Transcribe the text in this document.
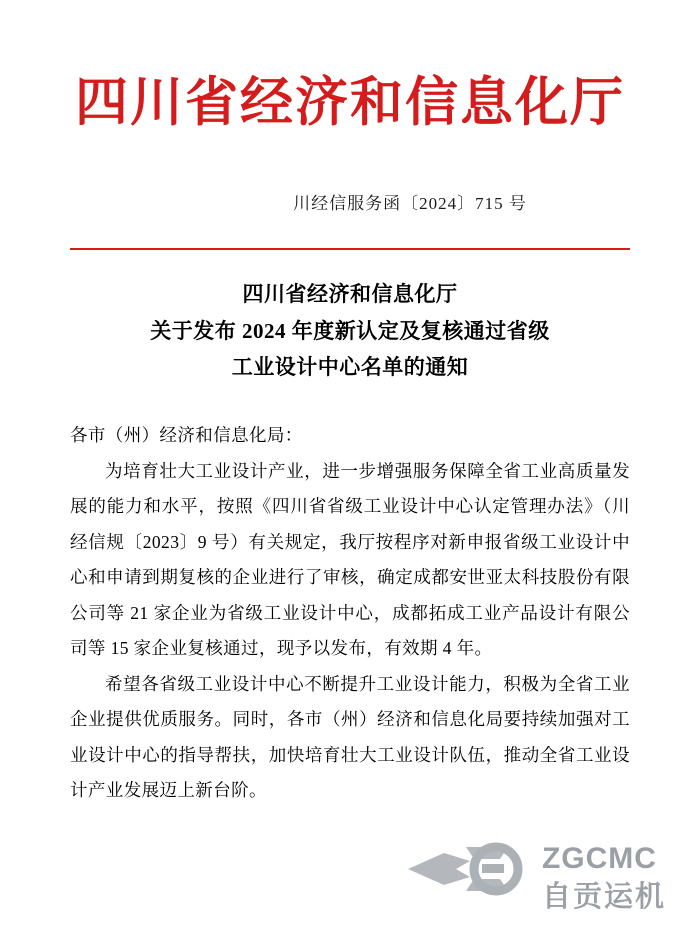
四川省经济和信息化厅
川经信服务函〔2024〕715 号
四川省经济和信息化厅
关于发布 2024 年度新认定及复核通过省级
工业设计中心名单的通知

各市（州）经济和信息化局：

为培育壮大工业设计产业，进一步增强服务保障全省工业高质量发展的能力和水平，按照《四川省省级工业设计中心认定管理办法》（川经信规〔2023〕9 号）有关规定，我厅按程序对新申报省级工业设计中心和申请到期复核的企业进行了审核，确定成都安世亚太科技股份有限公司等 21 家企业为省级工业设计中心，成都拓成工业产品设计有限公司等 15 家企业复核通过，现予以发布，有效期 4 年。

希望各省级工业设计中心不断提升工业设计能力，积极为全省工业企业提供优质服务。同时，各市（州）经济和信息化局要持续加强对工业设计中心的指导帮扶，加快培育壮大工业设计队伍，推动全省工业设计产业发展迈上新台阶。

ZGCMC
自贡运机
